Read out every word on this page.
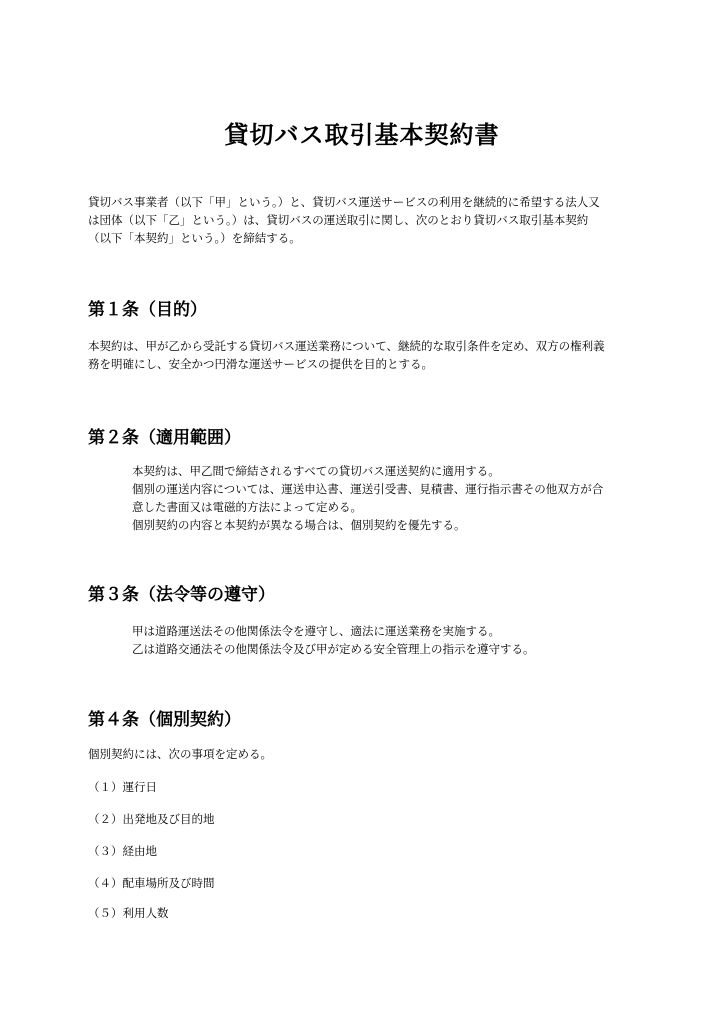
貸切バス取引基本契約書
貸切バス事業者（以下「甲」という。）と、貸切バス運送サービスの利用を継続的に希望する法人又
は団体（以下「乙」という。）は、貸切バスの運送取引に関し、次のとおり貸切バス取引基本契約
（以下「本契約」という。）を締結する。
第１条（目的）
本契約は、甲が乙から受託する貸切バス運送業務について、継続的な取引条件を定め、双方の権利義
務を明確にし、安全かつ円滑な運送サービスの提供を目的とする。
第２条（適用範囲）
本契約は、甲乙間で締結されるすべての貸切バス運送契約に適用する。
個別の運送内容については、運送申込書、運送引受書、見積書、運行指示書その他双方が合
意した書面又は電磁的方法によって定める。
個別契約の内容と本契約が異なる場合は、個別契約を優先する。
第３条（法令等の遵守）
甲は道路運送法その他関係法令を遵守し、適法に運送業務を実施する。
乙は道路交通法その他関係法令及び甲が定める安全管理上の指示を遵守する。
第４条（個別契約）
個別契約には、次の事項を定める。
（１）運行日
（２）出発地及び目的地
（３）経由地
（４）配車場所及び時間
（５）利用人数
